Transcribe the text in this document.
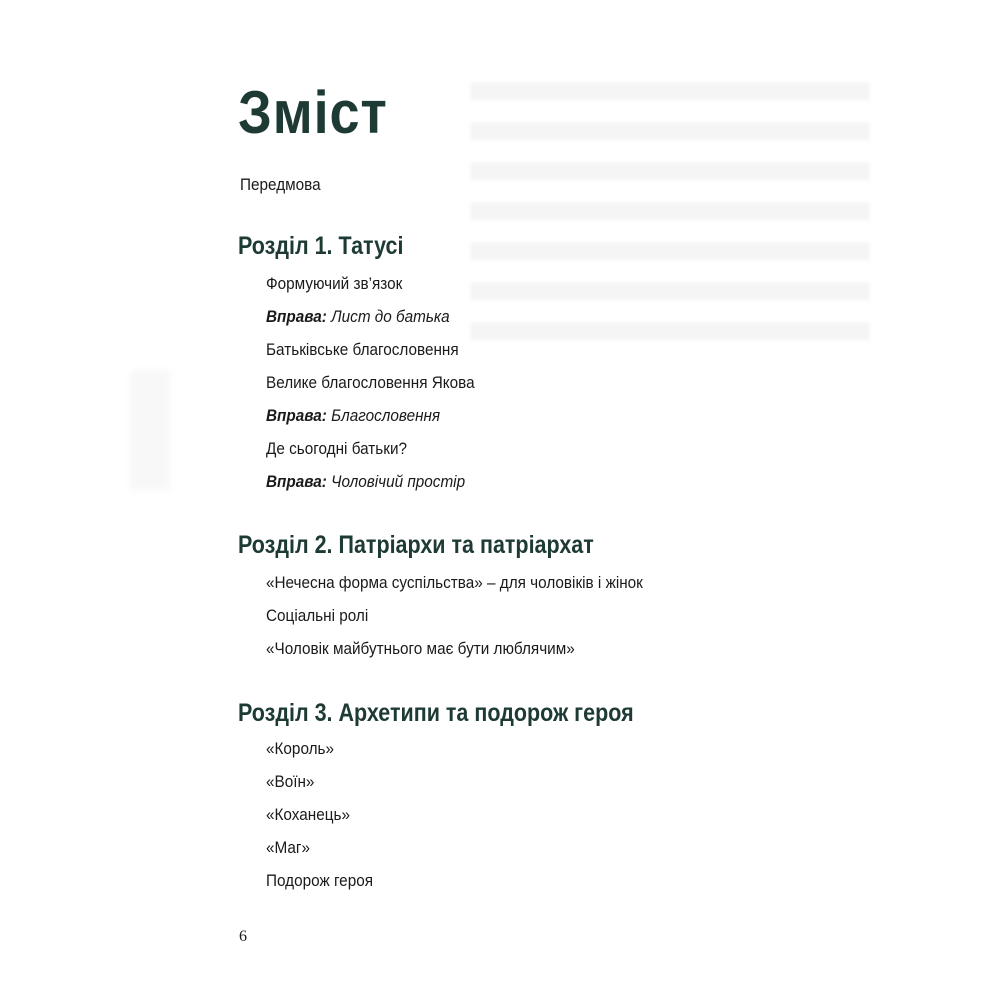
Зміст
Передмова
Розділ 1. Татусі
Формуючий зв’язок
Вправа: Лист до батька
Батьківське благословення
Велике благословення Якова
Вправа: Благословення
Де сьогодні батьки?
Вправа: Чоловічий простір
Розділ 2. Патріархи та патріархат
«Нечесна форма суспільства» – для чоловіків і жінок
Соціальні ролі
«Чоловік майбутнього має бути люблячим»
Розділ 3. Архетипи та подорож героя
«Король»
«Воїн»
«Коханець»
«Маг»
Подорож героя
6
